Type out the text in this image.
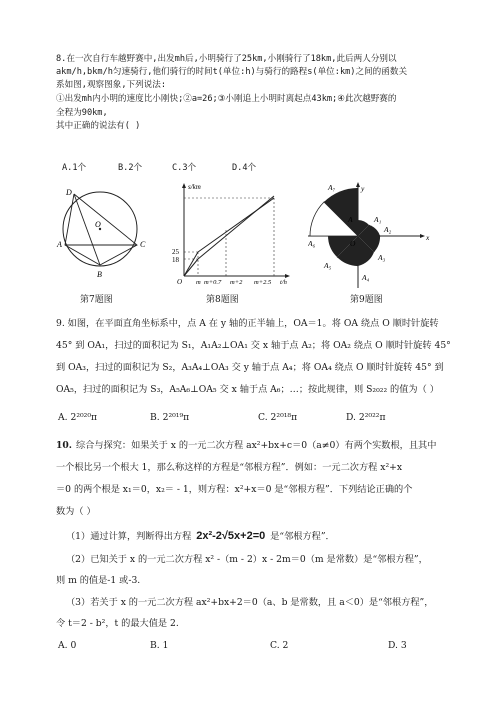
8.在一次自行车越野赛中,出发mh后,小明骑行了25km,小刚骑行了18km,此后两人分别以
akm/h,bkm/h匀速骑行,他们骑行的时间t(单位:h)与骑行的路程s(单位:km)之间的函数关
系如图,观察图象,下列说法:
①出发mh内小明的速度比小刚快;②a=26;③小刚追上小明时离起点43km;④此次越野赛的
全程为90km,
其中正确的说法有( )
A.1个	B.2个	C.3个	D.4个
D
O
A	C
B
s/km
25
18
O m m+0.7 m+2 m+2.5 t/h
A₇	y
A₁
A
A₂
x
A₆	O
A₃
A₅
A₄
第7题图	第8题图	第9题图
9. 如图，在平面直角坐标系中，点 A 在 y 轴的正半轴上，OA＝1。将 OA 绕点 O 顺时针旋转
45° 到 OA₁，扫过的面积记为 S₁，A₁A₂⊥OA₁ 交 x 轴于点 A₂；将 OA₂ 绕点 O 顺时针旋转 45°
到 OA₃，扫过的面积记为 S₂，A₃A₄⊥OA₃ 交 y 轴于点 A₄；将 OA₄ 绕点 O 顺时针旋转 45° 到
OA₅，扫过的面积记为 S₃，A₅A₆⊥OA₅ 交 x 轴于点 A₆；…；按此规律，则 S₂₀₂₂ 的值为（ ）
A. 2²⁰²⁰π	B. 2²⁰¹⁹π	C. 2²⁰¹⁸π	D. 2²⁰²²π
10. 综合与探究：如果关于 x 的一元二次方程 ax²+bx+c＝0（a≠0）有两个实数根，且其中
一个根比另一个根大 1，那么称这样的方程是“邻根方程”．例如：一元二次方程 x²+x
＝0 的两个根是 x₁＝0，x₂＝ - 1，则方程：x²+x＝0 是“邻根方程”．下列结论正确的个
数为（ ）
（1）通过计算，判断得出方程 2x²-2√5x+2=0 是“邻根方程”．
（2）已知关于 x 的一元二次方程 x² -（m - 2）x - 2m＝0（m 是常数）是“邻根方程”，
则 m 的值是-1 或-3.
（3）若关于 x 的一元二次方程 ax²+bx+2＝0（a、b 是常数，且 a＜0）是“邻根方程”，
令 t＝2 - b²，t 的最大值是 2.
A. 0	B. 1	C. 2	D. 3
